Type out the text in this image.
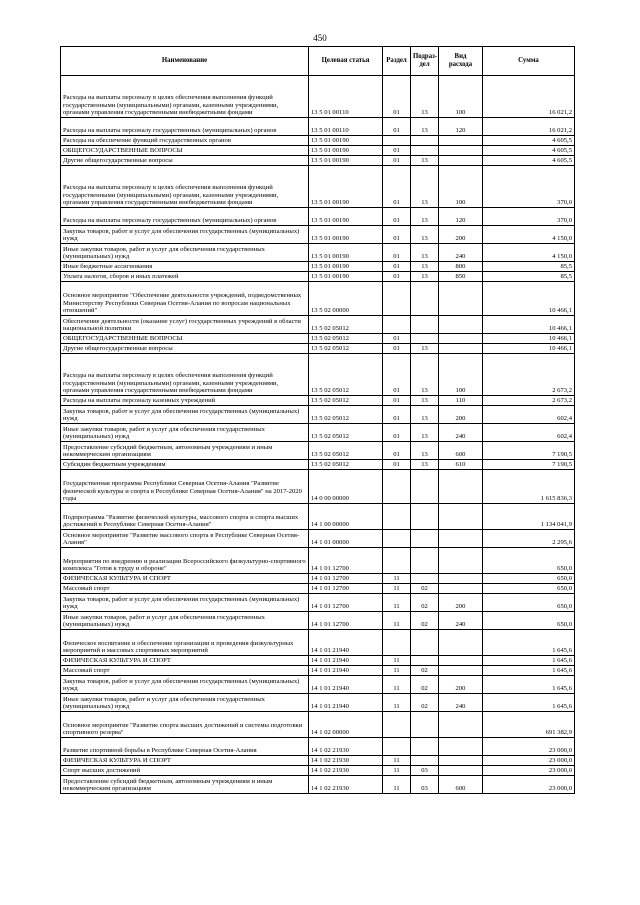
450
Наименование	Целевая статья	Раздел	Подраз-
дел	Вид
расхода	Сумма
Расходы на выплаты персоналу в целях обеспечения выполнения функций государственными (муниципальными) органами, казенными учреждениями, органами управления государственными внебюджетными фондами	13 5 01 00110	01	13	100	16 021,2
Расходы на выплаты персоналу государственных (муниципальных) органов	13 5 01 00110	01	13	120	16 021,2
Расходы на обеспечение функций государственных органов	13 5 01 00190				4 605,5
ОБЩЕГОСУДАРСТВЕННЫЕ ВОПРОСЫ	13 5 01 00190	01			4 605,5
Другие общегосударственные вопросы	13 5 01 00190	01	13		4 605,5
Расходы на выплаты персоналу в целях обеспечения выполнения функций государственными (муниципальными) органами, казенными учреждениями, органами управления государственными внебюджетными фондами	13 5 01 00190	01	13	100	370,0
Расходы на выплаты персоналу государственных (муниципальных) органов	13 5 01 00190	01	13	120	370,0
Закупка товаров, работ и услуг для обеспечения государственных (муниципальных) нужд	13 5 01 00190	01	13	200	4 150,0
Иные закупки товаров, работ и услуг для обеспечения государственных (муниципальных) нужд	13 5 01 00190	01	13	240	4 150,0
Иные бюджетные ассигнования	13 5 01 00190	01	13	800	85,5
Уплата налогов, сборов и иных платежей	13 5 01 00190	01	13	850	85,5
Основное мероприятие "Обеспечение деятельности учреждений, подведомственных Министерству Республики Северная Осетия-Алания по вопросам национальных отношений"	13 5 02 00000				10 466,1
Обеспечение деятельности (оказание услуг) государственных учреждений в области национальной политики	13 5 02 05012				10 466,1
ОБЩЕГОСУДАРСТВЕННЫЕ ВОПРОСЫ	13 5 02 05012	01			10 466,1
Другие общегосударственные вопросы	13 5 02 05012	01	13		10 466,1
Расходы на выплаты персоналу в целях обеспечения выполнения функций государственными (муниципальными) органами, казенными учреждениями, органами управления государственными внебюджетными фондами	13 5 02 05012	01	13	100	2 673,2
Расходы на выплаты персоналу казенных учреждений	13 5 02 05012	01	13	110	2 673,2
Закупка товаров, работ и услуг для обеспечения государственных (муниципальных) нужд	13 5 02 05012	01	13	200	602,4
Иные закупки товаров, работ и услуг для обеспечения государственных (муниципальных) нужд	13 5 02 05012	01	13	240	602,4
Предоставление субсидий бюджетным, автономным учреждениям и иным некоммерческим организациям	13 5 02 05012	01	13	600	7 190,5
Субсидии бюджетным учреждениям	13 5 02 05012	01	13	610	7 190,5
Государственная программа Республики Северная Осетия-Алания "Развитие физической культуры и спорта в Республике Северная Осетия-Алания" на 2017-2020 годы	14 0 00 00000				1 615 836,3
Подпрограмма "Развитие физической культуры, массового спорта и спорта высших достижений в Республике Северная Осетия-Алания"	14 1 00 00000				1 134 041,9
Основное мероприятие "Развитие массового спорта в Республике Северная Осетия-Алания"	14 1 01 00000				2 295,6
Мероприятия по внедрению и реализации Всероссийского физкультурно-спортивного комплекса "Готов к труду и обороне"	14 1 01 12700				650,0
ФИЗИЧЕСКАЯ КУЛЬТУРА И СПОРТ	14 1 01 12700	11			650,0
Массовый спорт	14 1 01 12700	11	02		650,0
Закупка товаров, работ и услуг для обеспечения государственных (муниципальных) нужд	14 1 01 12700	11	02	200	650,0
Иные закупки товаров, работ и услуг для обеспечения государственных (муниципальных) нужд	14 1 01 12700	11	02	240	650,0
Физическое воспитание и обеспечение организации и проведения физкультурных мероприятий и массовых спортивных мероприятий	14 1 01 21940				1 645,6
ФИЗИЧЕСКАЯ КУЛЬТУРА И СПОРТ	14 1 01 21940	11			1 645,6
Массовый спорт	14 1 01 21940	11	02		1 645,6
Закупка товаров, работ и услуг для обеспечения государственных (муниципальных) нужд	14 1 01 21940	11	02	200	1 645,6
Иные закупки товаров, работ и услуг для обеспечения государственных (муниципальных) нужд	14 1 01 21940	11	02	240	1 645,6
Основное мероприятие "Развитие спорта высших достижений и системы подготовки спортивного резерва"	14 1 02 00000				691 382,9
Развитие спортивной борьбы в Республике Северная Осетия-Алания	14 1 02 21930				23 000,0
ФИЗИЧЕСКАЯ КУЛЬТУРА И СПОРТ	14 1 02 21930	11			23 000,0
Спорт высших достижений	14 1 02 21930	11	03		23 000,0
Предоставление субсидий бюджетным, автономным учреждениям и иным некоммерческим организациям	14 1 02 21930	11	03	600	23 000,0
